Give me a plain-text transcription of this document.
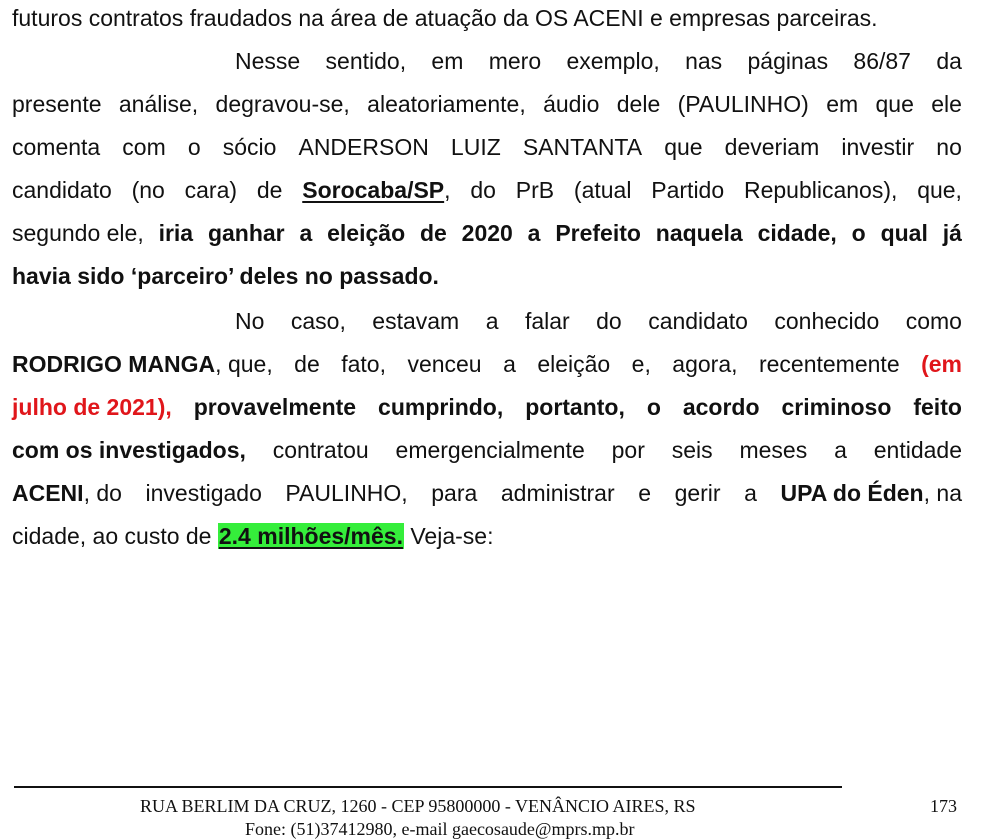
futuros contratos fraudados na área de atuação da OS ACENI e empresas parceiras.
Nesse sentido, em mero exemplo, nas páginas 86/87 da
presente análise, degravou-se, aleatoriamente, áudio dele (PAULINHO) em que ele
comenta com o sócio ANDERSON LUIZ SANTANTA que deveriam investir no
candidato (no cara) de Sorocaba/SP , do PrB (atual Partido Republicanos), que,
segundo ele, iria ganhar a eleição de 2020 a Prefeito naquela cidade, o qual já
havia sido ‘parceiro’ deles no passado.
No caso, estavam a falar do candidato conhecido como
RODRIGO MANGA , que, de fato, venceu a eleição e, agora, recentemente (em
julho de 2021), provavelmente cumprindo, portanto, o acordo criminoso feito
com os investigados, contratou emergencialmente por seis meses a entidade
ACENI , do investigado PAULINHO, para administrar e gerir a UPA do Éden , na
cidade, ao custo de 2.4 milhões/mês. Veja-se:
RUA BERLIM DA CRUZ, 1260 - CEP 95800000 - VENÂNCIO AIRES, RS	173
Fone: (51)37412980, e-mail gaecosaude@mprs.mp.br
